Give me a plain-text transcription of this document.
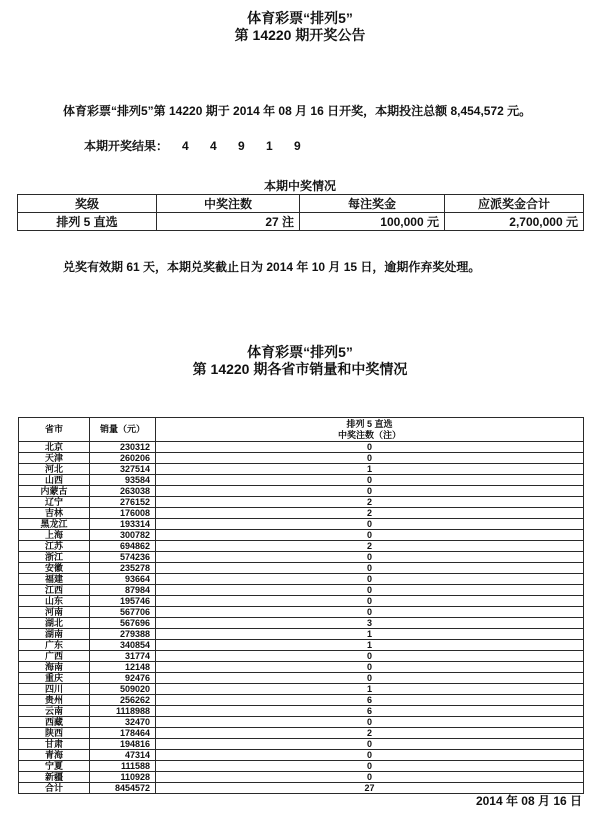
体育彩票“排列5”
第 14220 期开奖公告
体育彩票“排列5”第 14220 期于 2014 年 08 月 16 日开奖，本期投注总额 8,454,572 元。
本期开奖结果： 4 4 9 1 9
本期中奖情况
奖级	中奖注数	每注奖金	应派奖金合计
排列 5 直选	27 注	100,000 元	2,700,000 元
兑奖有效期 61 天，本期兑奖截止日为 2014 年 10 月 15 日，逾期作弃奖处理。
体育彩票“排列5”
第 14220 期各省市销量和中奖情况
省市	销量（元）	排列 5 直选
中奖注数（注）

北京	230312	0
天津	260206	0
河北	327514	1
山西	93584	0
内蒙古	263038	0
辽宁	276152	2
吉林	176008	2
黑龙江	193314	0
上海	300782	0
江苏	694862	2
浙江	574236	0
安徽	235278	0
福建	93664	0
江西	87984	0
山东	195746	0
河南	567706	0
湖北	567696	3
湖南	279388	1
广东	340854	1
广西	31774	0
海南	12148	0
重庆	92476	0
四川	509020	1
贵州	256262	6
云南	1118988	6
西藏	32470	0
陕西	178464	2
甘肃	194816	0
青海	47314	0
宁夏	111588	0
新疆	110928	0
合计	8454572	27
2014 年 08 月 16 日
